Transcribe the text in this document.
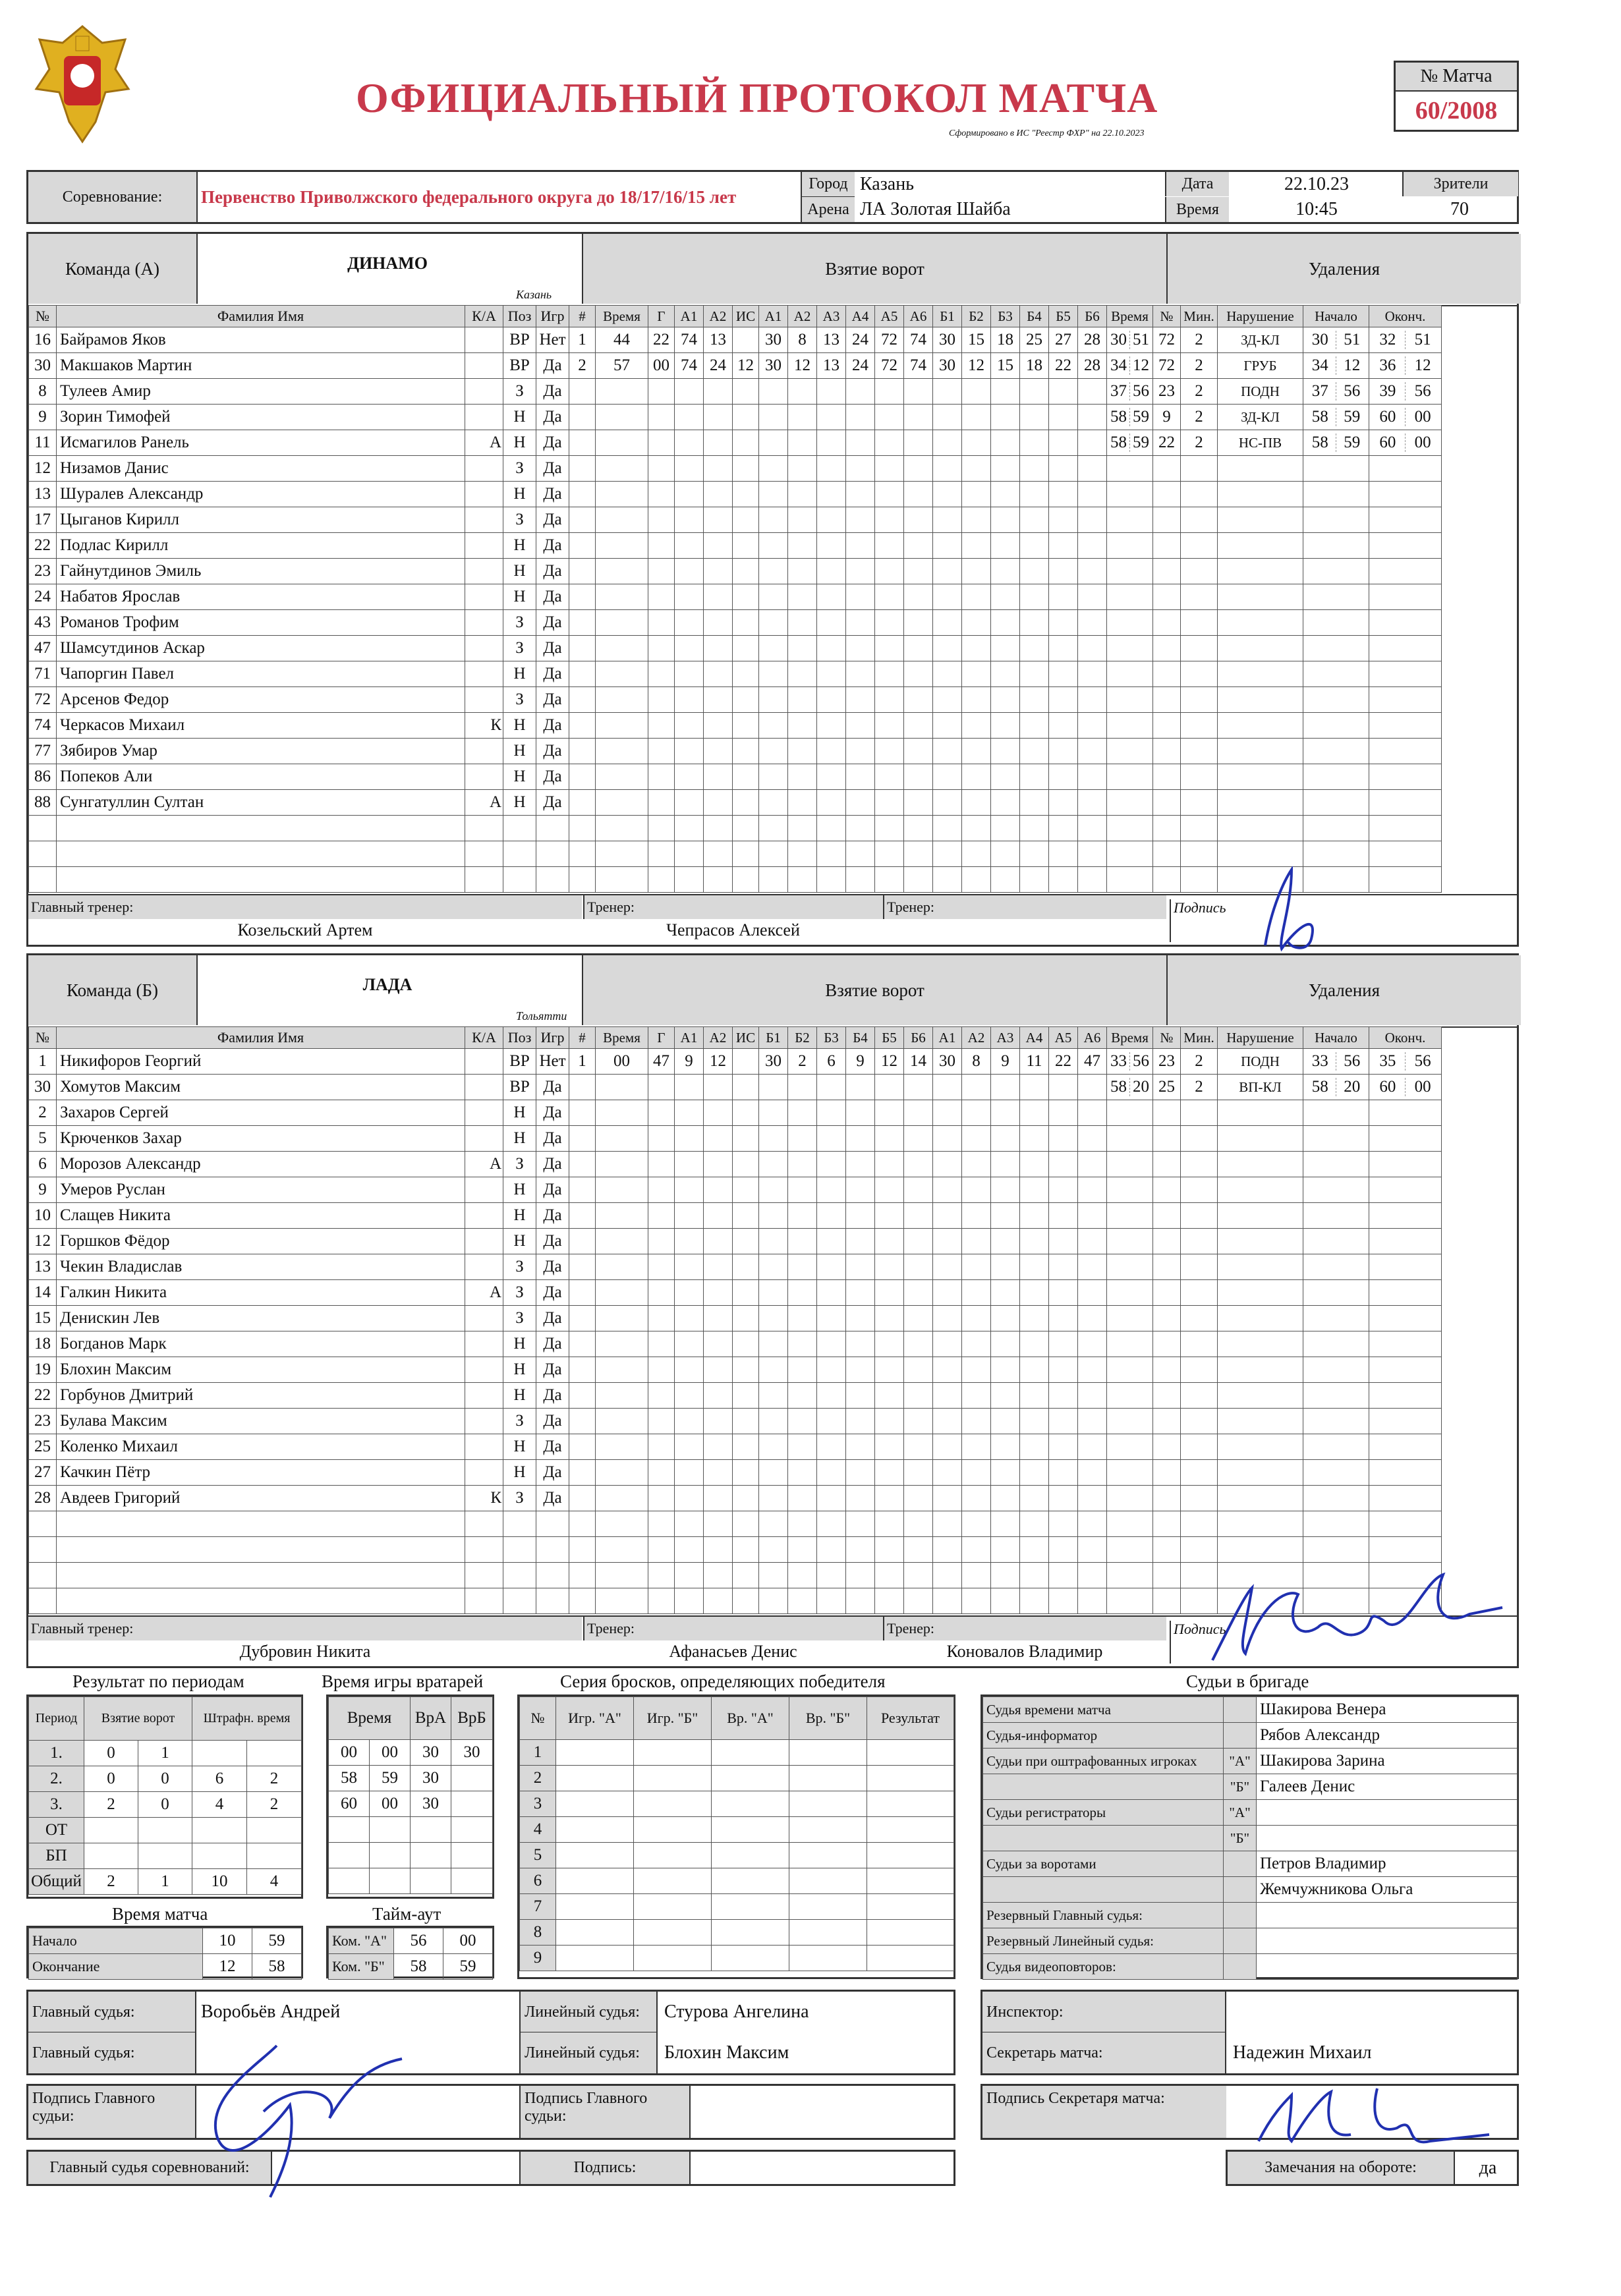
ОФИЦИАЛЬНЫЙ ПРОТОКОЛ МАТЧА
Сформировано в ИС "Реестр ФХР" на 22.10.2023
№ Матча
60/2008
Соревнование:	Первенство Приволжского федерального округа до 18/17/16/15 лет
Город Казань
Арена ЛА Золотая Шайба
Дата	22.10.23
Время	10:45
Зрители
70
Команда (А)	ДИНАМО
Казань
Взятие ворот	Удаления
№	Фамилия Имя	К/А	Поз	Игр	#	Время	Г	А1	А2	ИС	А1	А2	А3	А4	А5	А6	Б1	Б2	Б3	Б4	Б5	Б6	Время	№	Мин.	Нарушение	Начало	Оконч.
16	Байрамов Яков		ВР	Нет	1	44	22	74	13		30	8	13	24	72	74	30	15	18	25	27	28	30 51	72	2	ЗД-КЛ	30 51	32 51
30	Макшаков Мартин		ВР	Да	2	57	00	74	24	12	30	12	13	24	72	74	30	12	15	18	22	28	34 12	72	2	ГРУБ	34 12	36 12
8	Тулеев Амир		З	Да																			37 56	23	2	ПОДН	37 56	39 56
9	Зорин Тимофей		Н	Да																			58 59	9	2	ЗД-КЛ	58 59	60 00
11	Исмагилов Ранель	А	Н	Да																			58 59	22	2	НС-ПВ	58 59	60 00
12	Низамов Данис		З	Да																								
13	Шуралев Александр		Н	Да																								
17	Цыганов Кирилл		З	Да																								
22	Подлас Кирилл		Н	Да																								
23	Гайнутдинов Эмиль		Н	Да																								
24	Набатов Ярослав		Н	Да																								
43	Романов Трофим		З	Да																								
47	Шамсутдинов Аскар		З	Да																								
71	Чапоргин Павел		Н	Да																								
72	Арсенов Федор		З	Да																								
74	Черкасов Михаил	К	Н	Да																								
77	Зябиров Умар		Н	Да																								
86	Попеков Али		Н	Да																								
88	Сунгатуллин Султан	А	Н	Да																								

Главный тренер:
Козельский Артем
Тренер:
Чепрасов Алексей
Тренер:	Подпись
Команда (Б)	ЛАДА
Тольятти
Взятие ворот	Удаления
№	Фамилия Имя	К/А	Поз	Игр	#	Время	Г	А1	А2	ИС	Б1	Б2	Б3	Б4	Б5	Б6	А1	А2	А3	А4	А5	А6	Время	№	Мин.	Нарушение	Начало	Оконч.
1	Никифоров Георгий		ВР	Нет	1	00	47	9	12		30	2	6	9	12	14	30	8	9	11	22	47	33 56	23	2	ПОДН	33 56	35 56
30	Хомутов Максим		ВР	Да																			58 20	25	2	ВП-КЛ	58 20	60 00
2	Захаров Сергей		Н	Да																								
5	Крюченков Захар		Н	Да																								
6	Морозов Александр	А	З	Да																								
9	Умеров Руслан		Н	Да																								
10	Слащев Никита		Н	Да																								
12	Горшков Фёдор		Н	Да																								
13	Чекин Владислав		З	Да																								
14	Галкин Никита	А	З	Да																								
15	Денискин Лев		З	Да																								
18	Богданов Марк		Н	Да																								
19	Блохин Максим		Н	Да																								
22	Горбунов Дмитрий		Н	Да																								
23	Булава Максим		З	Да																								
25	Коленко Михаил		Н	Да																								
27	Качкин Пётр		Н	Да																								
28	Авдеев Григорий	К	З	Да																								

Главный тренер:
Дубровин Никита
Тренер:
Афанасьев Денис
Тренер:
Коновалов Владимир
Подпись
Результат по периодам
Период	Взятие ворот		Штрафн. время	
1.	0	1		
2.	0	0	6	2
3.	2	0	4	2
ОТ				
БП				
Общий	2	1	10	4
Время игры вратарей
Время		ВрА	ВрБ
00	00	30	30
58	59	30	
60	00	30	

Время матча
Начало	10	59
Окончание	12	58
Тайм-аут
Ком. "А"	56	00
Ком. "Б"	58	59
Серия бросков, определяющих победителя
№	Игр. "А"	Игр. "Б"	Вр. "А"	Вр. "Б"	Результат
1					
2					
3					
4					
5					
6					
7					
8					
9					
Судьи в бригаде
Судья времени матча		Шакирова Венера
Судья-информатор		Рябов Александр
Судьи при оштрафованных игроках	"А"	Шакирова Зарина
	"Б"	Галеев Денис
Судьи регистраторы	"А"	
	"Б"	
Судьи за воротами		Петров Владимир
		Жемчужникова Ольга
Резервный Главный судья:		
Резервный Линейный судья:		
Судья видеоповторов:		
Главный судья:	Воробьёв Андрей
Главный судья:
Линейный судья:	Стурова Ангелина
Линейный судья:	Блохин Максим
Инспектор:
Секретарь матча:	Надежин Михаил
Подпись Главного судьи:
Подпись Главного судьи:
Подпись Секретаря матча:
Главный судья соревнований:	Подпись:	Замечания на обороте:	да
